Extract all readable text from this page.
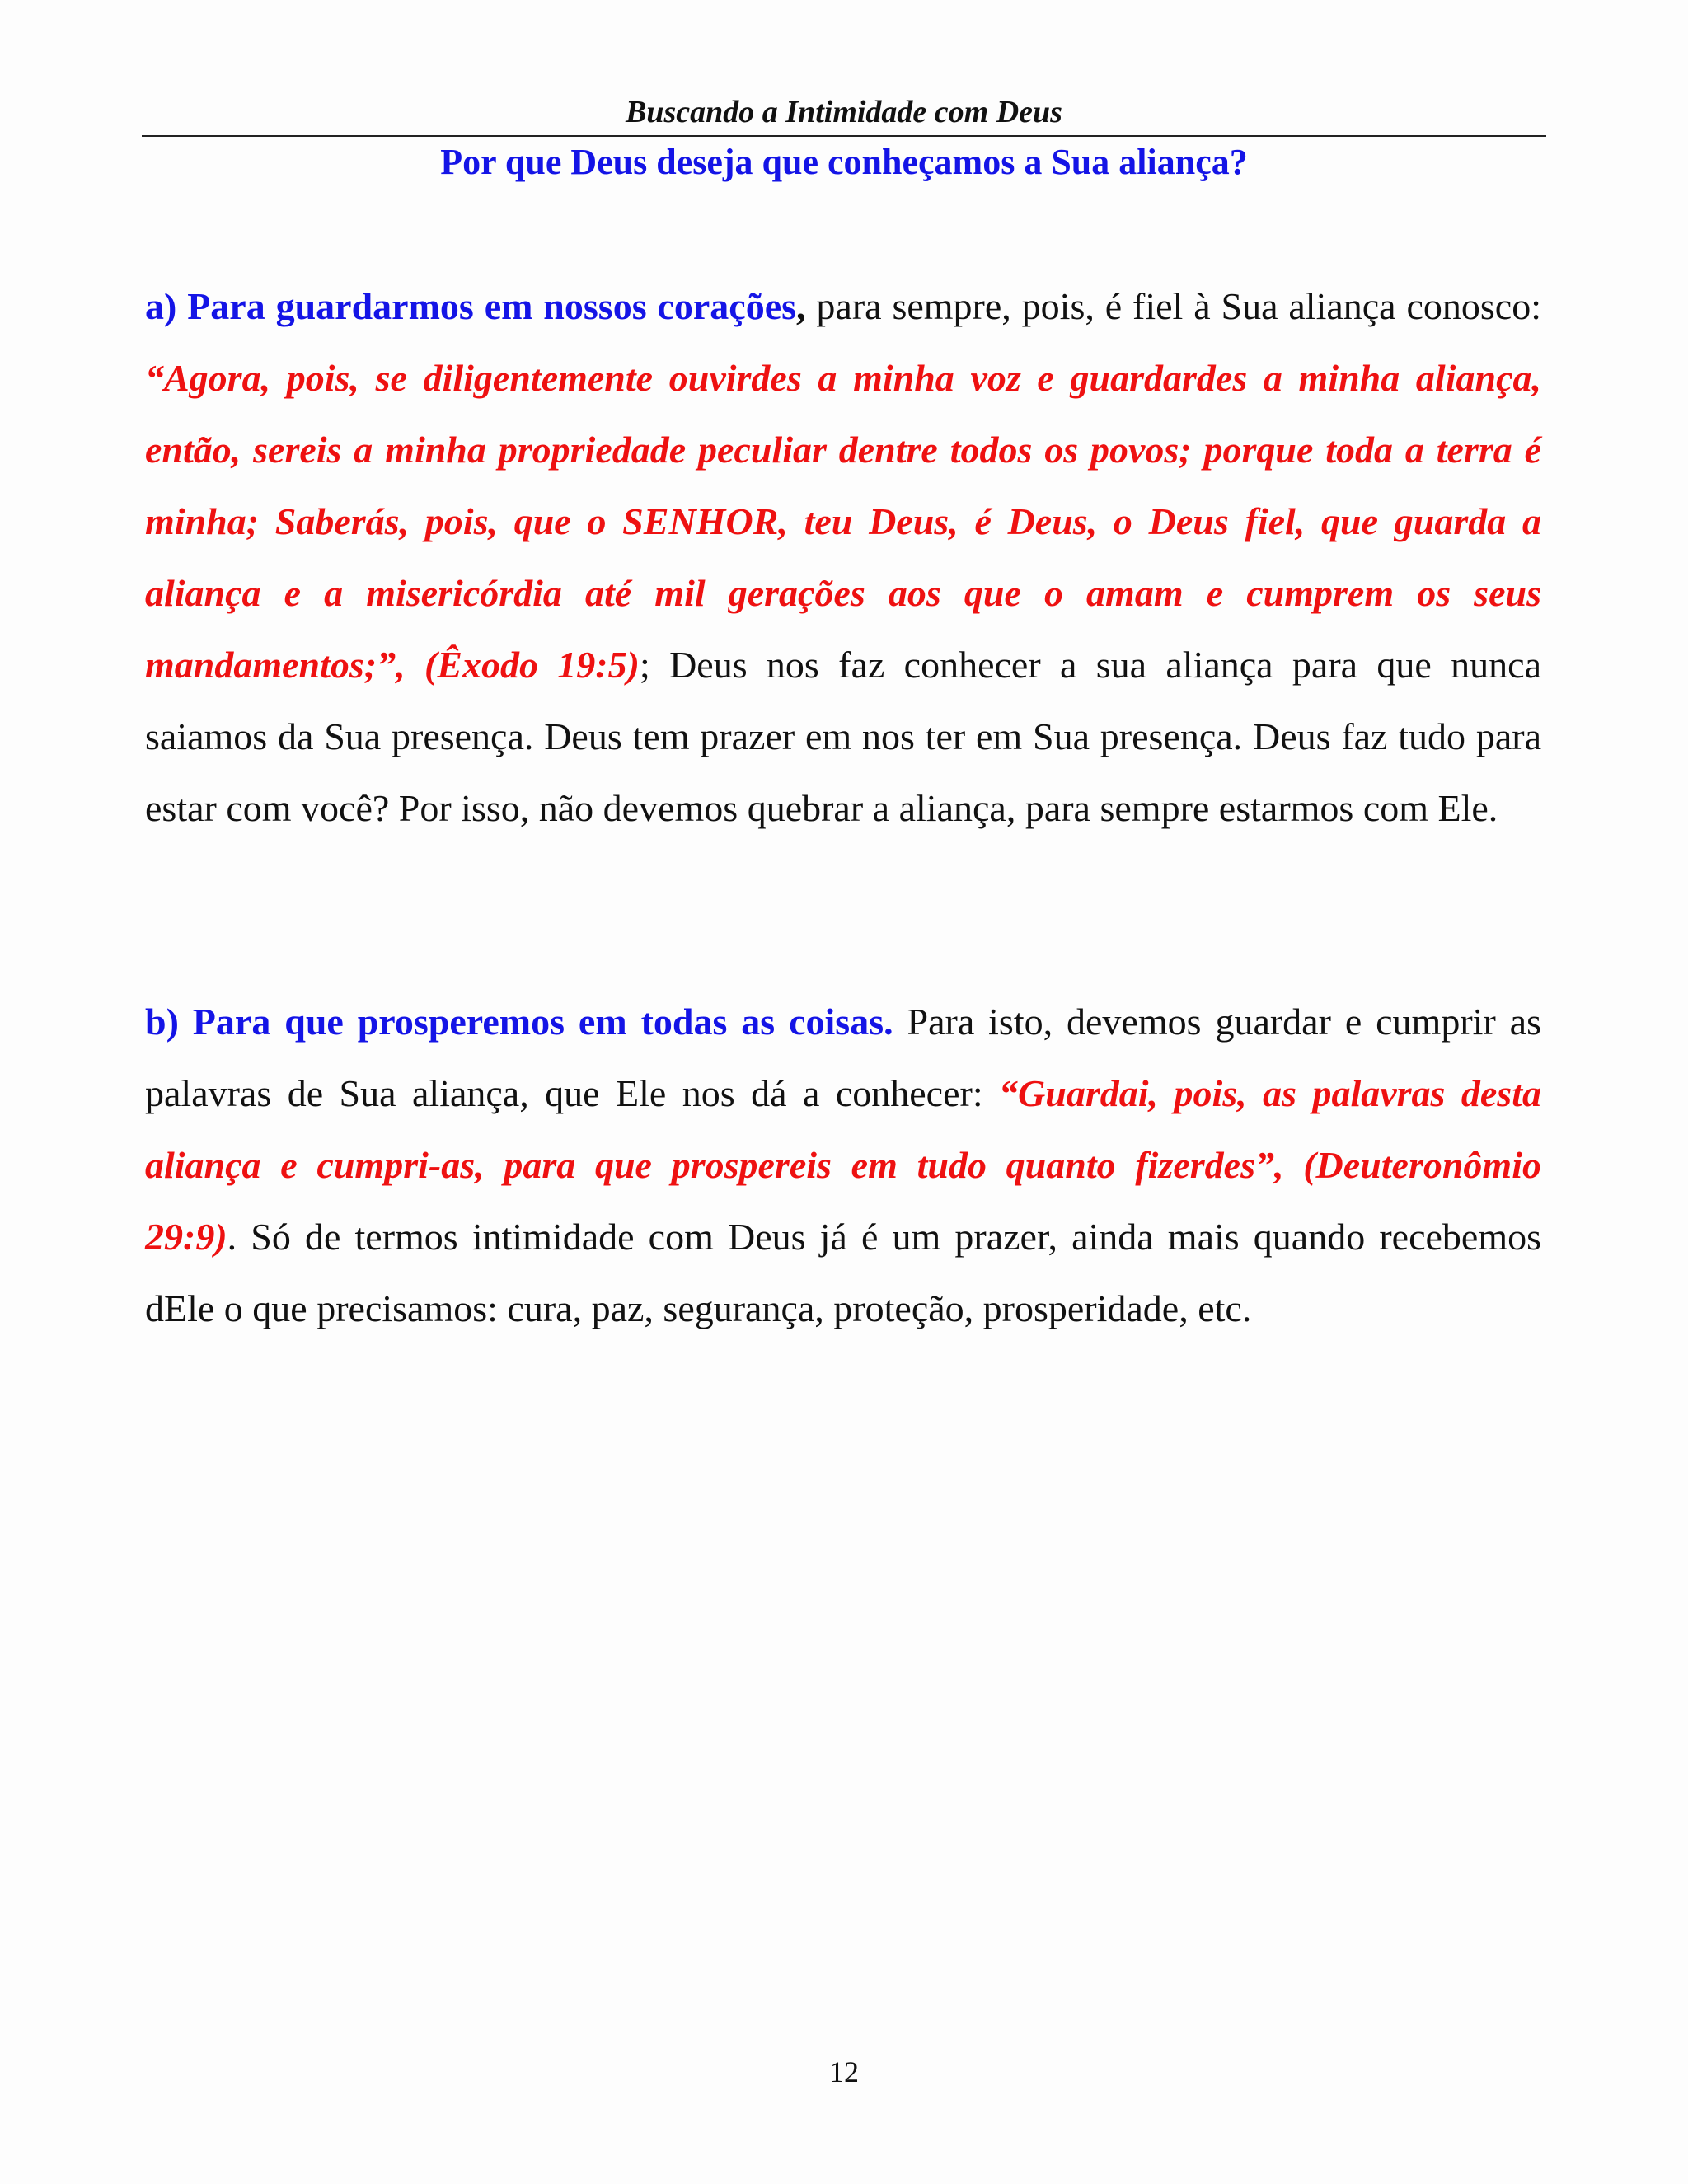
Buscando a Intimidade com Deus
Por que Deus deseja que conheçamos a Sua aliança?

a) Para guardarmos em nossos corações, para sempre, pois, é fiel à Sua aliança conosco: “Agora, pois, se diligentemente ouvirdes a minha voz e guardardes a minha aliança, então, sereis a minha propriedade peculiar dentre todos os povos; porque toda a terra é minha; Saberás, pois, que o SENHOR, teu Deus, é Deus, o Deus fiel, que guarda a aliança e a misericórdia até mil gerações aos que o amam e cumprem os seus mandamentos;”, (Êxodo 19:5); Deus nos faz conhecer a sua aliança para que nunca saiamos da Sua presença. Deus tem prazer em nos ter em Sua presença. Deus faz tudo para estar com você? Por isso, não devemos quebrar a aliança, para sempre estarmos com Ele.

b) Para que prosperemos em todas as coisas. Para isto, devemos guardar e cumprir as palavras de Sua aliança, que Ele nos dá a conhecer: “Guardai, pois, as palavras desta aliança e cumpri-as, para que prospereis em tudo quanto fizerdes”, (Deuteronômio 29:9). Só de termos intimidade com Deus já é um prazer, ainda mais quando recebemos dEle o que precisamos: cura, paz, segurança, proteção, prosperidade, etc.

12
